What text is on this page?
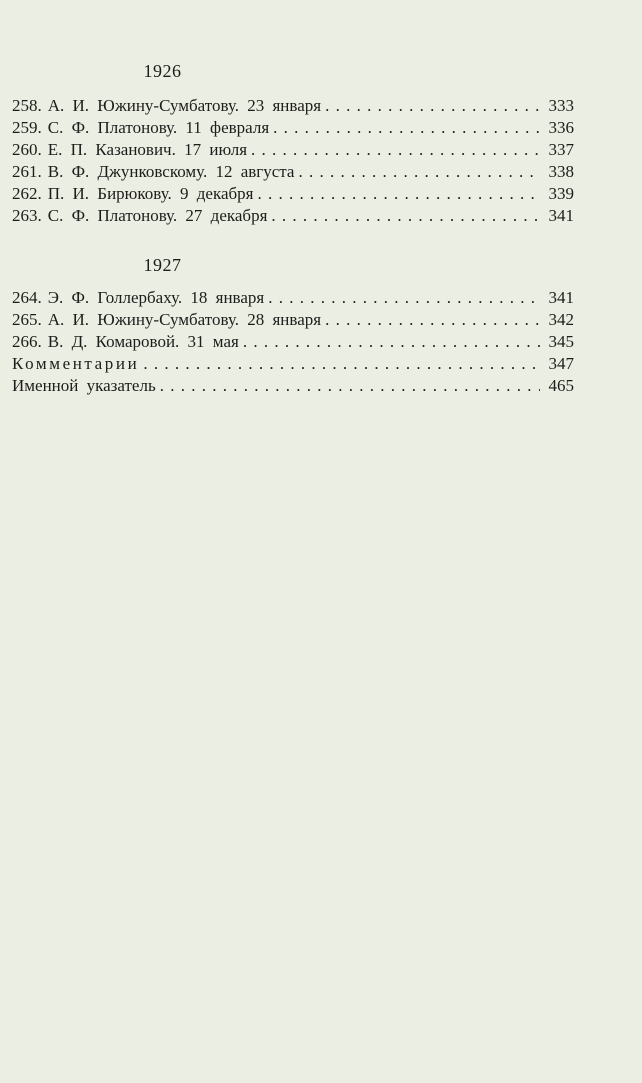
1926
258. А. И. Южину-Сумбатову. 23 января . . .	333
259. С. Ф. Платонову. 11 февраля . . .	336
260. Е. П. Казанович. 17 июля . . .	337
261. В. Ф. Джунковскому. 12 августа . . .	338
262. П. И. Бирюкову. 9 декабря . . .	339
263. С. Ф. Платонову. 27 декабря . . .	341
1927
264. Э. Ф. Голлербаху. 18 января . . .	341
265. А. И. Южину-Сумбатову. 28 января . . .	342
266. В. Д. Комаровой. 31 мая . . .	345
Комментарии . . .	347
Именной указатель . . .	465
